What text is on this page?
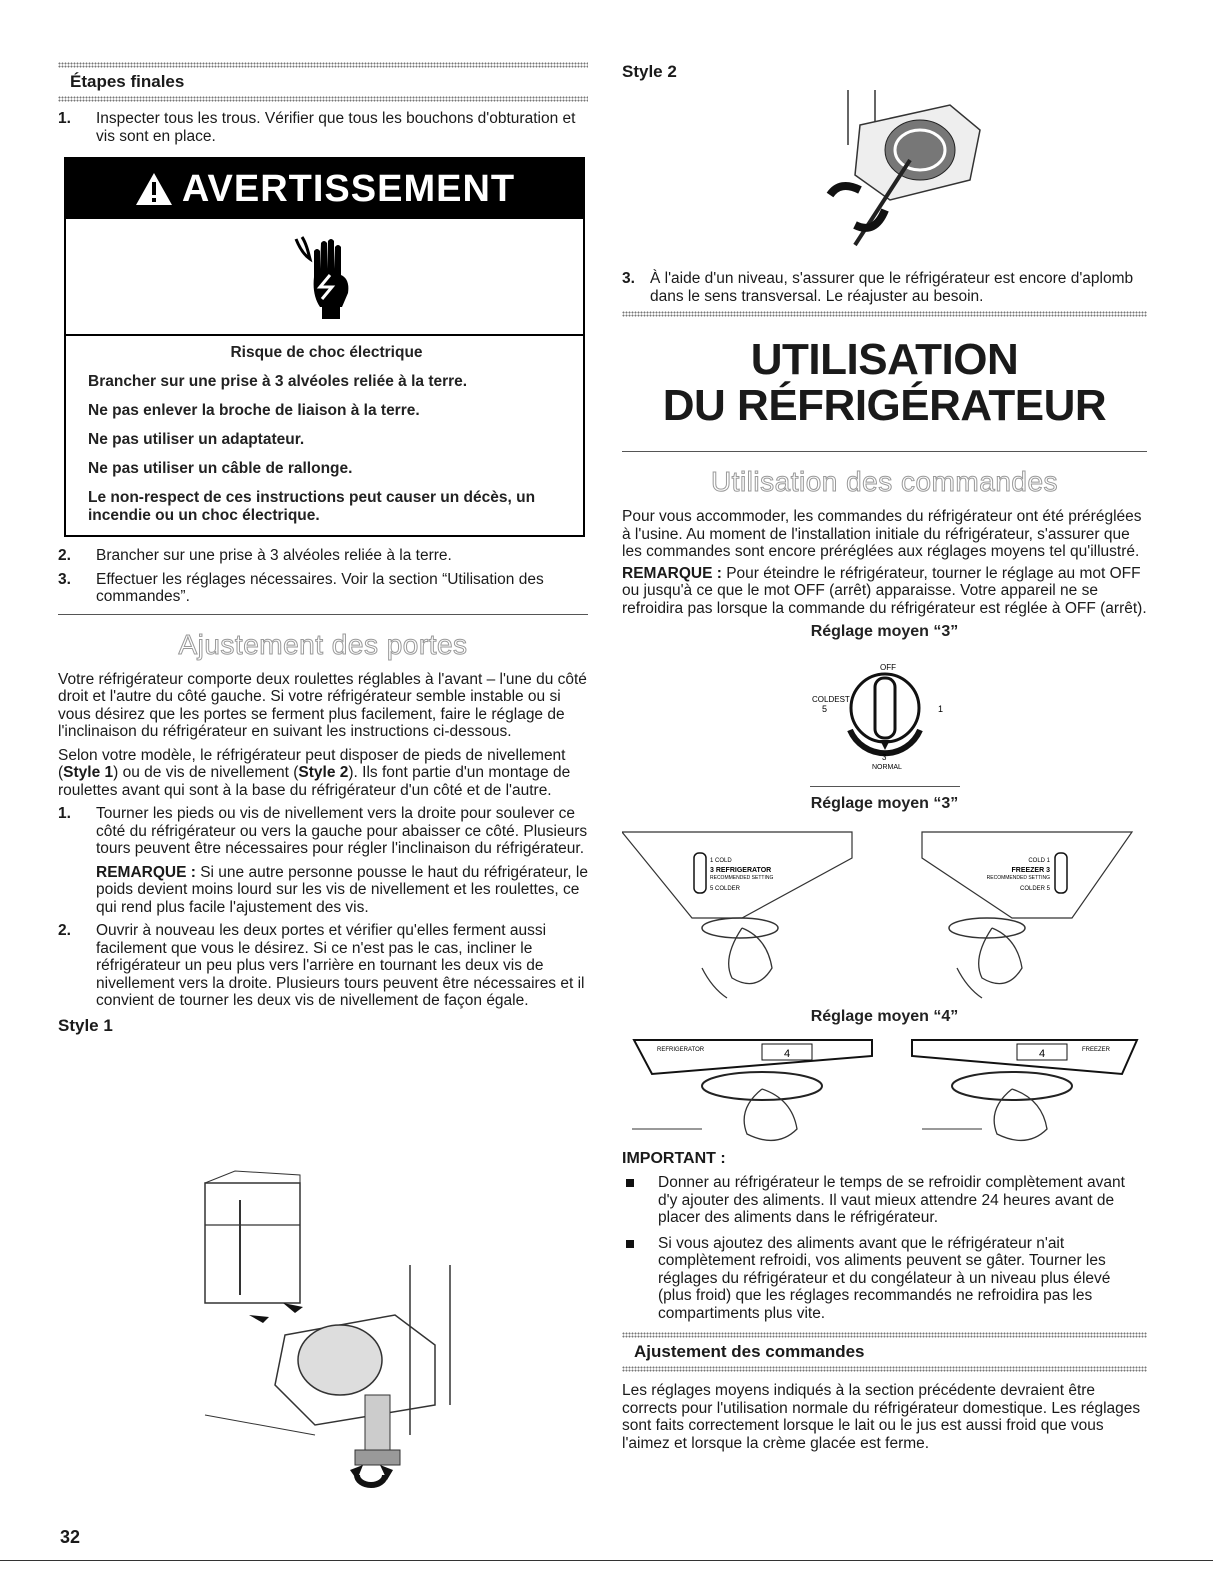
Étapes finales
1. Inspecter tous les trous. Vérifier que tous les bouchons d'obturation et vis sont en place.
AVERTISSEMENT
Risque de choc électrique
Brancher sur une prise à 3 alvéoles reliée à la terre.
Ne pas enlever la broche de liaison à la terre.
Ne pas utiliser un adaptateur.
Ne pas utiliser un câble de rallonge.
Le non-respect de ces instructions peut causer un décès, un incendie ou un choc électrique.
2. Brancher sur une prise à 3 alvéoles reliée à la terre.
3. Effectuer les réglages nécessaires. Voir la section “Utilisation des commandes”.
Ajustement des portes

Votre réfrigérateur comporte deux roulettes réglables à l'avant – l'une du côté droit et l'autre du côté gauche. Si votre réfrigérateur semble instable ou si vous désirez que les portes se ferment plus facilement, faire le réglage de l'inclinaison du réfrigérateur en suivant les instructions ci-dessous.

Selon votre modèle, le réfrigérateur peut disposer de pieds de nivellement (Style 1) ou de vis de nivellement (Style 2). Ils font partie d'un montage de roulettes avant qui sont à la base du réfrigérateur d'un côté et de l'autre.

1. Tourner les pieds ou vis de nivellement vers la droite pour soulever ce côté du réfrigérateur ou vers la gauche pour abaisser ce côté. Plusieurs tours peuvent être nécessaires pour régler l'inclinaison du réfrigérateur.
REMARQUE : Si une autre personne pousse le haut du réfrigérateur, le poids devient moins lourd sur les vis de nivellement et les roulettes, ce qui rend plus facile l'ajustement des vis.
2. Ouvrir à nouveau les deux portes et vérifier qu'elles ferment aussi facilement que vous le désirez. Si ce n'est pas le cas, incliner le réfrigérateur un peu plus vers l'arrière en tournant les deux vis de nivellement vers la droite. Plusieurs tours peuvent être nécessaires et il convient de tourner les deux vis de nivellement de façon égale.
Style 1
32
Style 2
3. À l'aide d'un niveau, s'assurer que le réfrigérateur est encore d'aplomb dans le sens transversal. Le réajuster au besoin.
UTILISATION
DU RÉFRIGÉRATEUR
Utilisation des commandes

Pour vous accommoder, les commandes du réfrigérateur ont été préréglées à l'usine. Au moment de l'installation initiale du réfrigérateur, s'assurer que les commandes sont encore préréglées aux réglages moyens tel qu'illustré.

REMARQUE : Pour éteindre le réfrigérateur, tourner le réglage au mot OFF ou jusqu'à ce que le mot OFF (arrêt) apparaisse. Votre appareil ne se refroidira pas lorsque la commande du réfrigérateur est réglée à OFF (arrêt).

Réglage moyen “3”
OFF
COLDEST
5	1
3
NORMAL
Réglage moyen “3”
1 COLD
3 REFRIGERATOR
RECOMMENDED SETTING
5 COLDER
COLD 1
FREEZER 3
RECOMMENDED SETTING
COLDER 5
Réglage moyen “4”
REFRIGERATOR	4	FREEZER
4
IMPORTANT :
Donner au réfrigérateur le temps de se refroidir complètement avant d'y ajouter des aliments. Il vaut mieux attendre 24 heures avant de placer des aliments dans le réfrigérateur.
Si vous ajoutez des aliments avant que le réfrigérateur n'ait complètement refroidi, vos aliments peuvent se gâter. Tourner les réglages du réfrigérateur et du congélateur à un niveau plus élevé (plus froid) que les réglages recommandés ne refroidira pas les compartiments plus vite.
Ajustement des commandes

Les réglages moyens indiqués à la section précédente devraient être corrects pour l'utilisation normale du réfrigérateur domestique. Les réglages sont faits correctement lorsque le lait ou le jus est aussi froid que vous l'aimez et lorsque la crème glacée est ferme.
